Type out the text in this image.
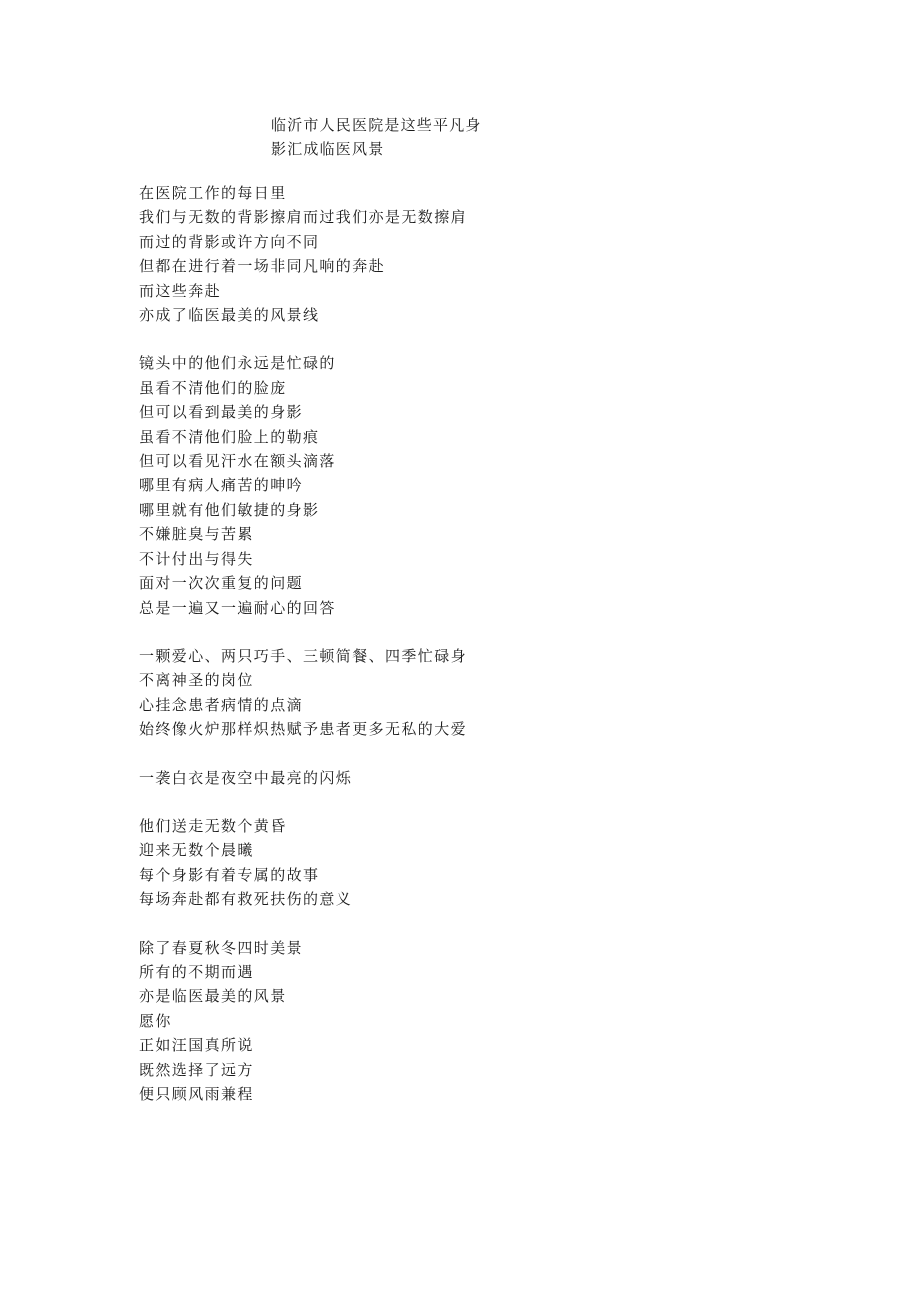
临沂市人民医院是这些平凡身
影汇成临医风景
在医院工作的每日里
我们与无数的背影擦肩而过我们亦是无数擦肩
而过的背影或许方向不同
但都在进行着一场非同凡响的奔赴
而这些奔赴
亦成了临医最美的风景线
镜头中的他们永远是忙碌的
虽看不清他们的脸庞
但可以看到最美的身影
虽看不清他们脸上的勒痕
但可以看见汗水在额头滴落
哪里有病人痛苦的呻吟
哪里就有他们敏捷的身影
不嫌脏臭与苦累
不计付出与得失
面对一次次重复的问题
总是一遍又一遍耐心的回答
一颗爱心、两只巧手、三顿简餐、四季忙碌身
不离神圣的岗位
心挂念患者病情的点滴
始终像火炉那样炽热赋予患者更多无私的大爱
一袭白衣是夜空中最亮的闪烁
他们送走无数个黄昏
迎来无数个晨曦
每个身影有着专属的故事
每场奔赴都有救死扶伤的意义
除了春夏秋冬四时美景
所有的不期而遇
亦是临医最美的风景
愿你
正如汪国真所说
既然选择了远方
便只顾风雨兼程
